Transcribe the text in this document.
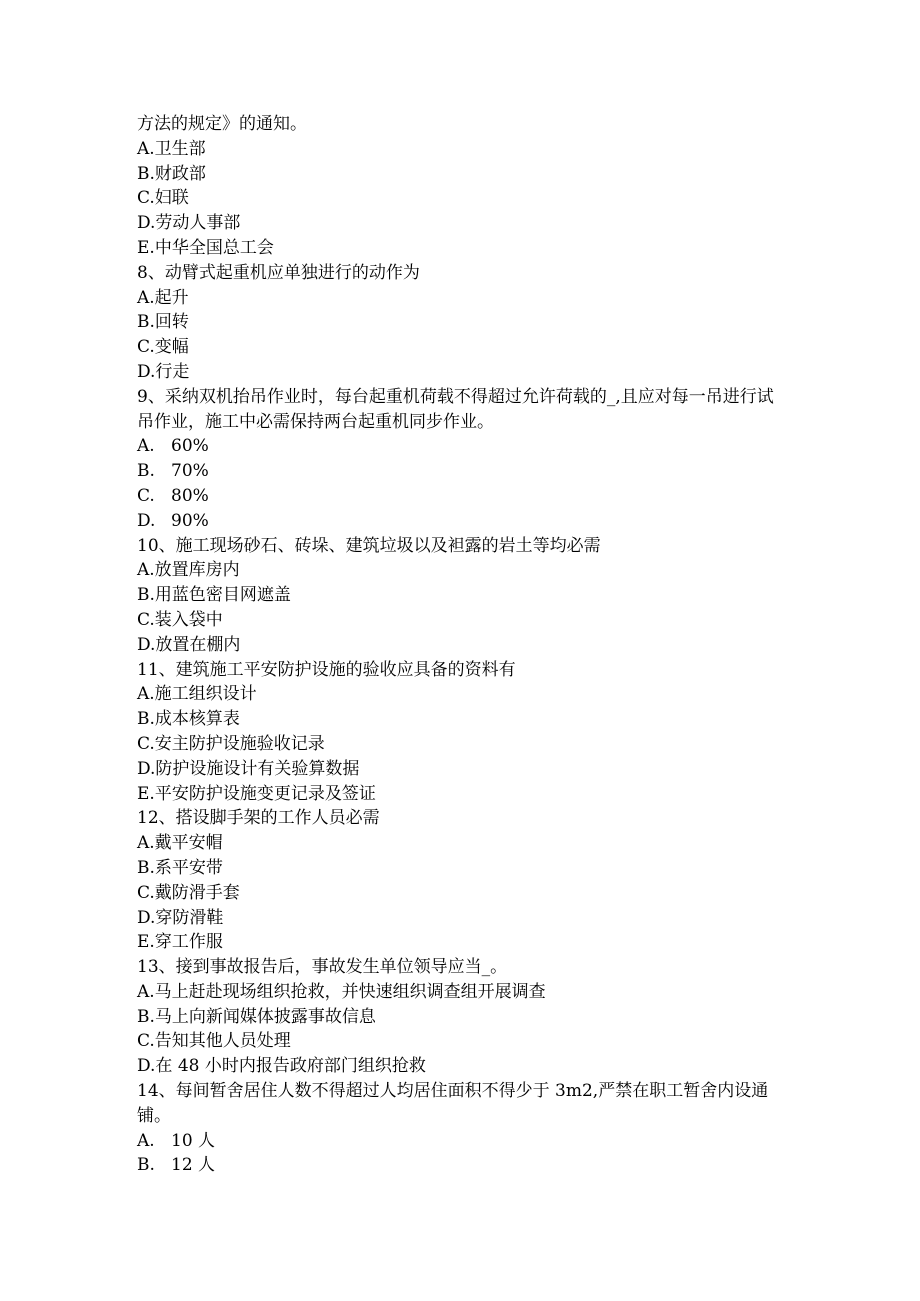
方法的规定》的通知。
A.卫生部
B.财政部
C.妇联
D.劳动人事部
E.中华全国总工会
8、动臂式起重机应单独进行的动作为
A.起升
B.回转
C.变幅
D.行走
9、采纳双机抬吊作业时，每台起重机荷载不得超过允许荷载的_,且应对每一吊进行试吊作业，施工中必需保持两台起重机同步作业。
A. 60%
B. 70%
C. 80%
D. 90%
10、施工现场砂石、砖垛、建筑垃圾以及袒露的岩土等均必需
A.放置库房内
B.用蓝色密目网遮盖
C.装入袋中
D.放置在棚内
11、建筑施工平安防护设施的验收应具备的资料有
A.施工组织设计
B.成本核算表
C.安主防护设施验收记录
D.防护设施设计有关验算数据
E.平安防护设施变更记录及签证
12、搭设脚手架的工作人员必需
A.戴平安帽
B.系平安带
C.戴防滑手套
D.穿防滑鞋
E.穿工作服
13、接到事故报告后，事故发生单位领导应当_。
A.马上赶赴现场组织抢救，并快速组织调查组开展调查
B.马上向新闻媒体披露事故信息
C.告知其他人员处理
D.在 48 小时内报告政府部门组织抢救
14、每间暂舍居住人数不得超过人均居住面积不得少于 3m2,严禁在职工暂舍内设通铺。
A. 10 人
B. 12 人
